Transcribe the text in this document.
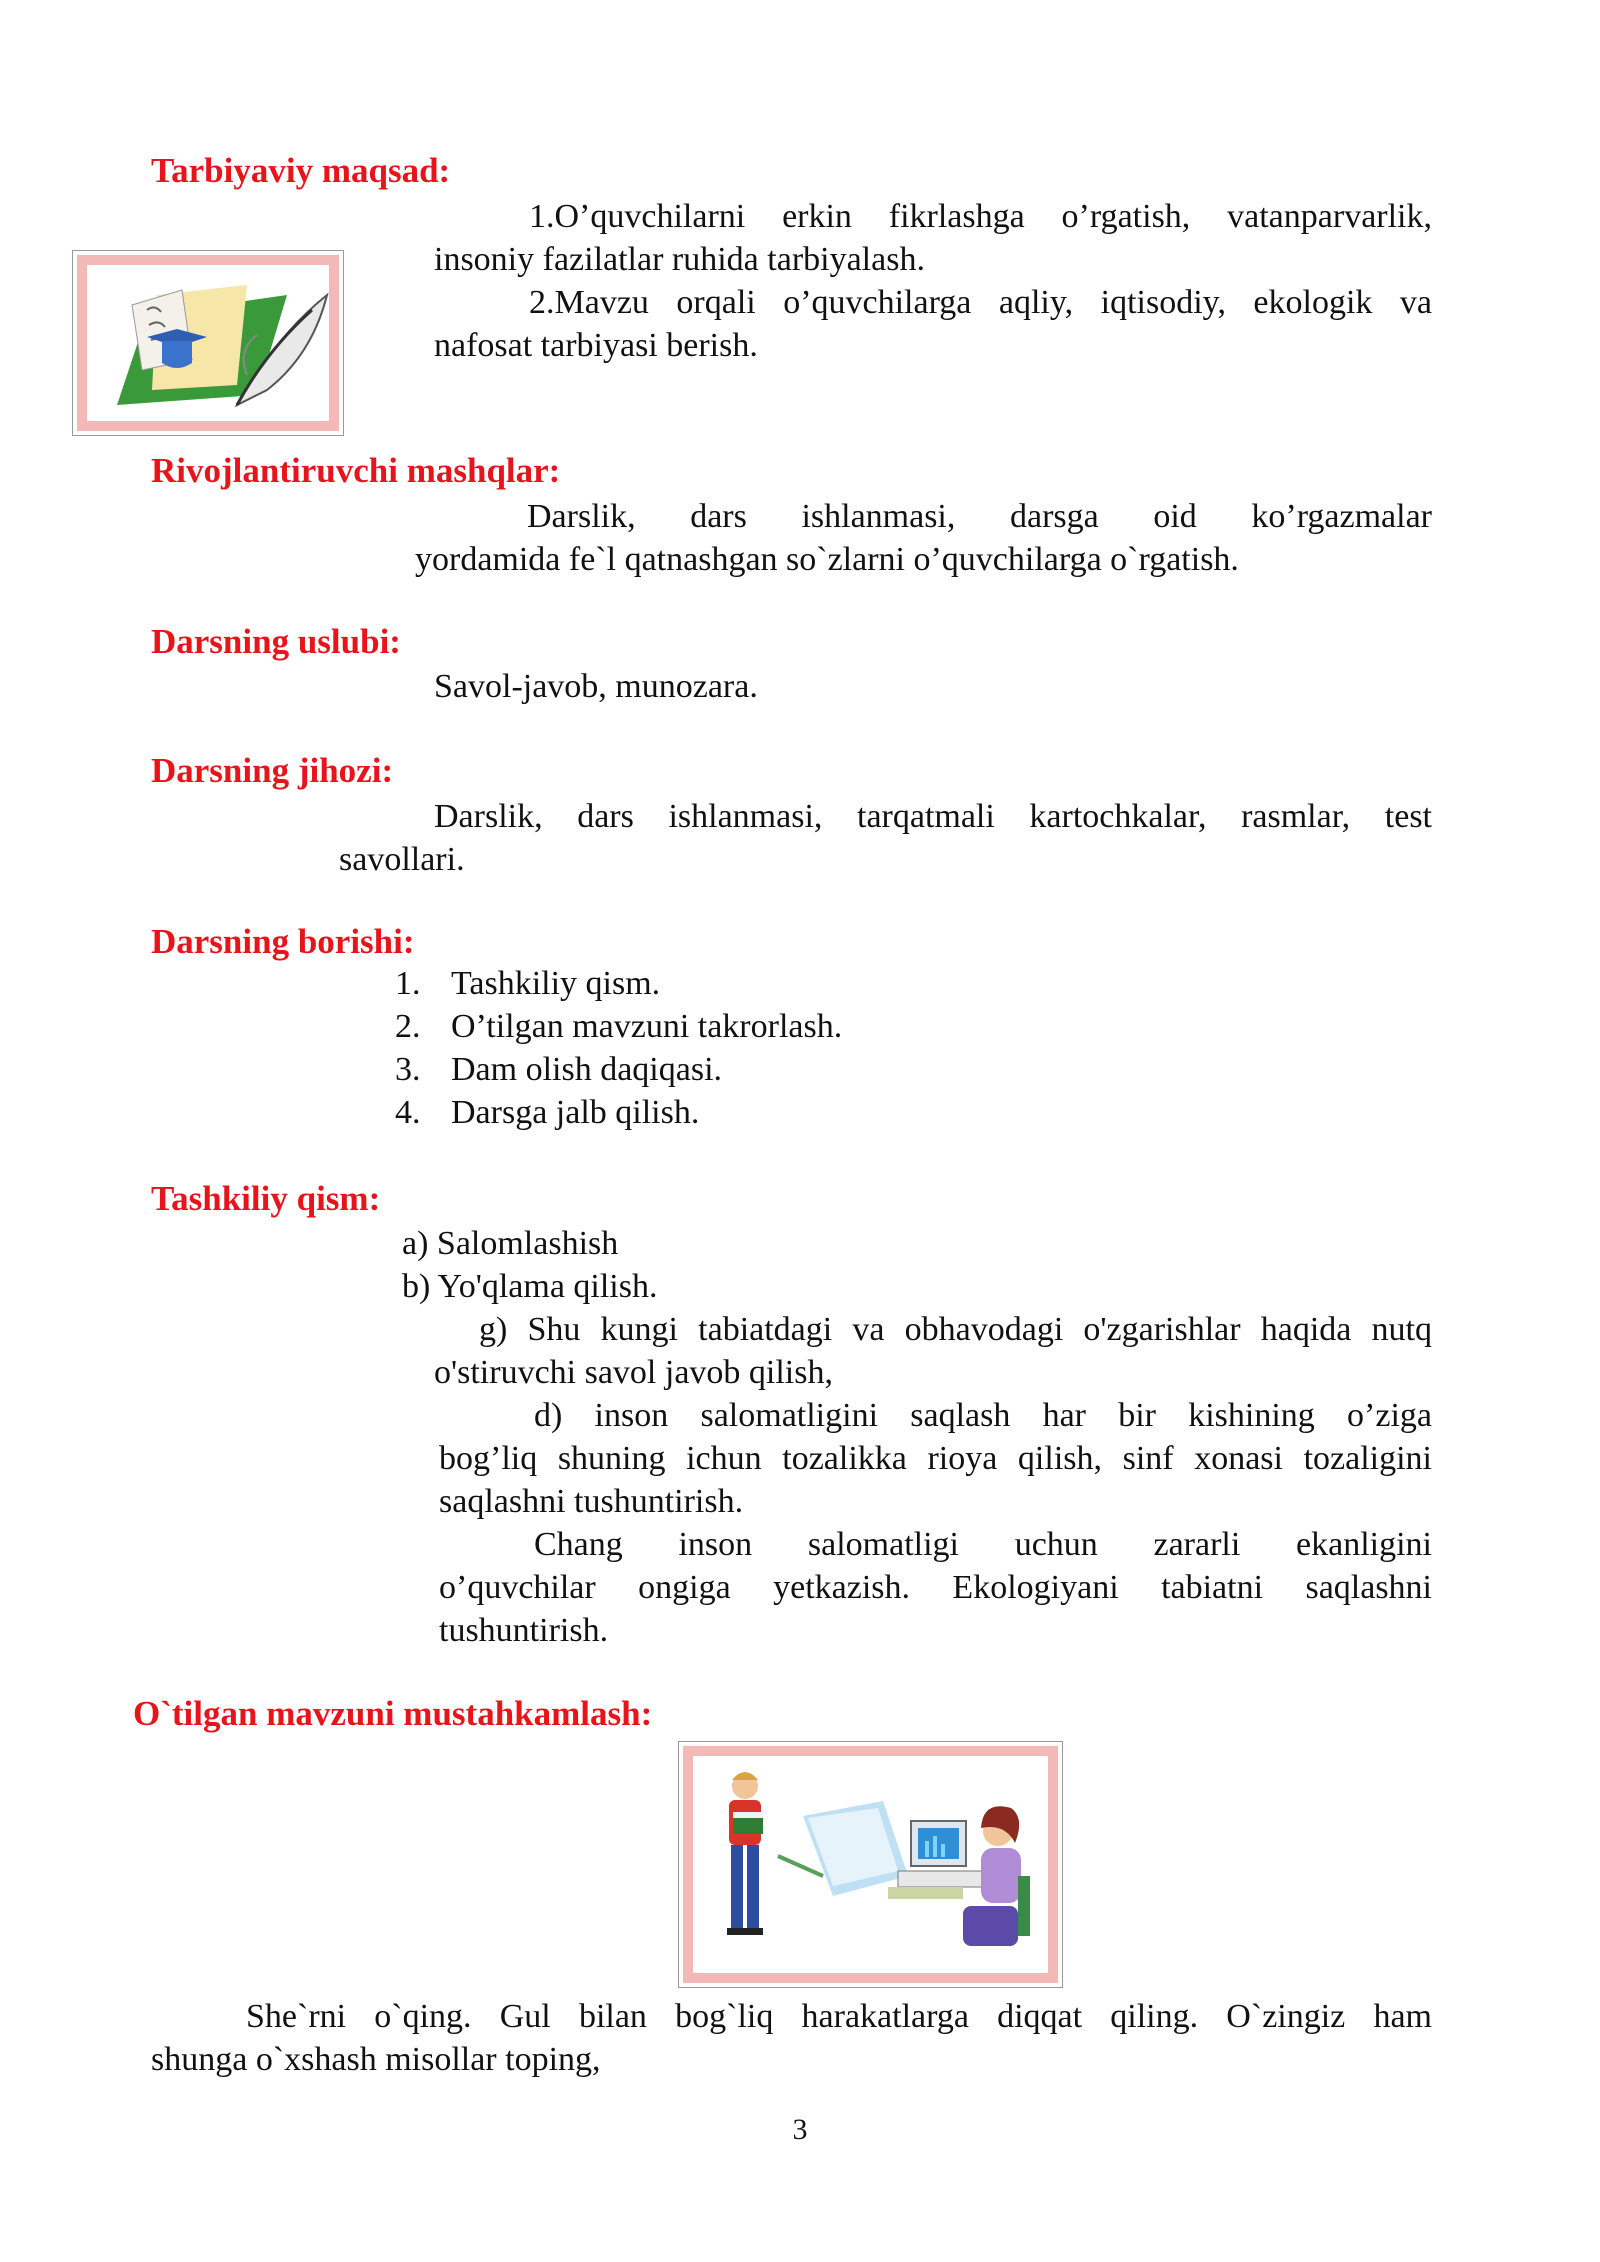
Tarbiyaviy maqsad:
1.O’quvchilarni erkin fikrlashga o’rgatish, vatanparvarlik,
insoniy fazilatlar ruhida tarbiyalash.
2.Mavzu orqali o’quvchilarga aqliy, iqtisodiy, ekologik va
nafosat tarbiyasi berish.
Rivojlantiruvchi mashqlar:
Darslik, dars ishlanmasi, darsga oid ko’rgazmalar
yordamida fe`l qatnashgan so`zlarni o’quvchilarga o`rgatish.
Darsning uslubi:
Savol-javob, munozara.
Darsning jihozi:
Darslik, dars ishlanmasi, tarqatmali kartochkalar, rasmlar, test
savollari.
Darsning borishi:
1. Tashkiliy qism.
2. O’tilgan mavzuni takrorlash.
3. Dam olish daqiqasi.
4. Darsga jalb qilish.
Tashkiliy qism:
a) Salomlashish
b) Yo'qlama qilish.
g) Shu kungi tabiatdagi va obhavodagi o'zgarishlar haqida nutq
o'stiruvchi savol javob qilish,
d) inson salomatligini saqlash har bir kishining o’ziga
bog’liq shuning ichun tozalikka rioya qilish, sinf xonasi tozaligini
saqlashni tushuntirish.
Chang inson salomatligi uchun zararli ekanligini
o’quvchilar ongiga yetkazish. Ekologiyani tabiatni saqlashni
tushuntirish.
O`tilgan mavzuni mustahkamlash:
She`rni o`qing. Gul bilan bog`liq harakatlarga diqqat qiling. O`zingiz ham
shunga o`xshash misollar toping,
3
